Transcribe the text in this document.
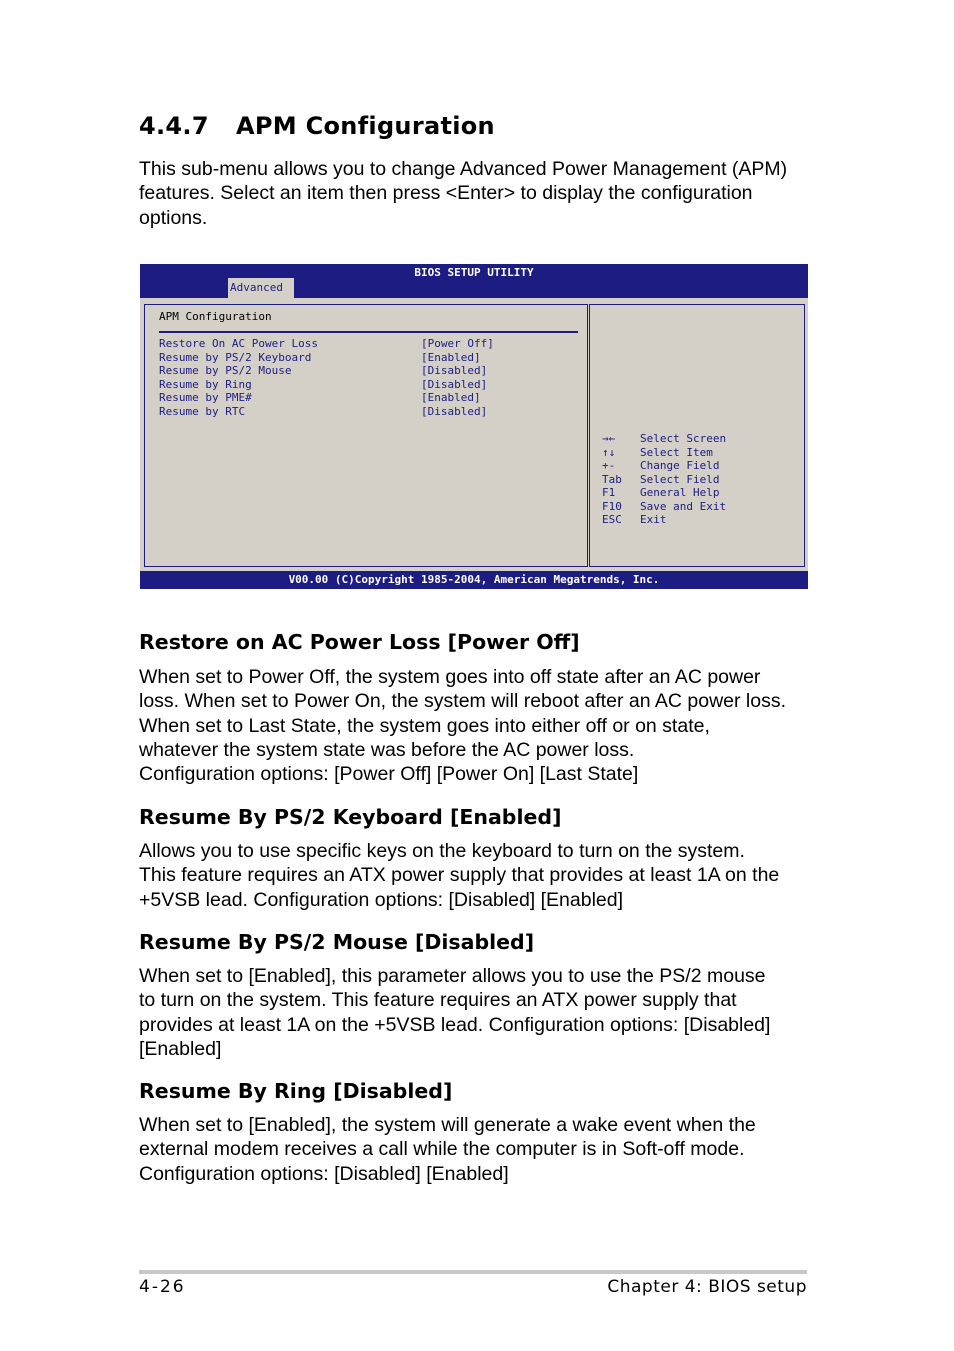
4.4.7 APM Configuration

This sub-menu allows you to change Advanced Power Management (APM)

features. Select an item then press <Enter> to display the configuration

options.

BIOS SETUP UTILITY
Advanced
APM Configuration
Restore On AC Power Loss	[Power Off]
Resume by PS/2 Keyboard	[Enabled]
Resume by PS/2 Mouse	[Disabled]
Resume by Ring	[Disabled]
Resume by PME#	[Enabled]
Resume by RTC	[Disabled]
→← Select Screen
↑↓ Select Item
+- Change Field
Tab Select Field
F1 General Help
F10 Save and Exit
ESC Exit
V00.00 (C)Copyright 1985-2004, American Megatrends, Inc.
Restore on AC Power Loss [Power Off]

When set to Power Off, the system goes into off state after an AC power

loss. When set to Power On, the system will reboot after an AC power loss.

When set to Last State, the system goes into either off or on state,

whatever the system state was before the AC power loss.

Configuration options: [Power Off] [Power On] [Last State]

Resume By PS/2 Keyboard [Enabled]

Allows you to use specific keys on the keyboard to turn on the system.

This feature requires an ATX power supply that provides at least 1A on the

+5VSB lead. Configuration options: [Disabled] [Enabled]

Resume By PS/2 Mouse [Disabled]

When set to [Enabled], this parameter allows you to use the PS/2 mouse

to turn on the system. This feature requires an ATX power supply that

provides at least 1A on the +5VSB lead. Configuration options: [Disabled]

[Enabled]

Resume By Ring [Disabled]

When set to [Enabled], the system will generate a wake event when the

external modem receives a call while the computer is in Soft-off mode.

Configuration options: [Disabled] [Enabled]

4-26	Chapter 4: BIOS setup
